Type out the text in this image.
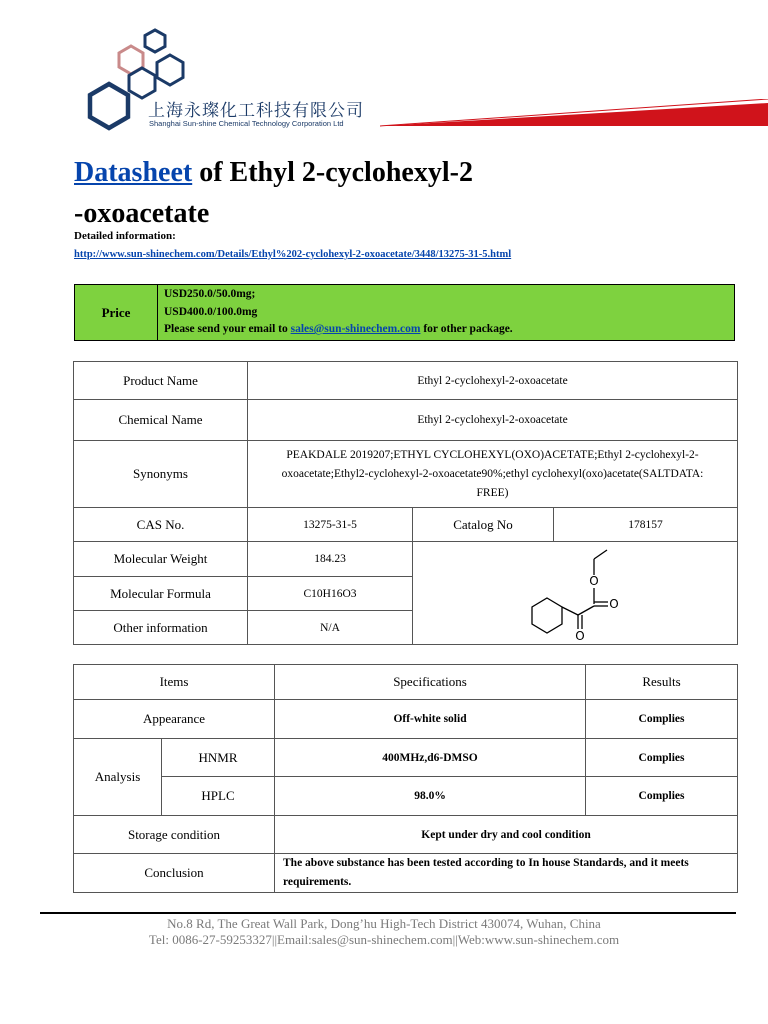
上海永璨化工科技有限公司
Shanghai Sun-shine Chemical Technology Corporation Ltd
Datasheet of Ethyl 2-cyclohexyl-2
-oxoacetate
Detailed information:
http://www.sun-shinechem.com/Details/Ethyl%202-cyclohexyl-2-oxoacetate/3448/13275-31-5.html
Price
USD250.0/50.0mg;
USD400.0/100.0mg
Please send your email to sales@sun-shinechem.com for other package.
Product Name	Ethyl 2-cyclohexyl-2-oxoacetate		
Chemical Name	Ethyl 2-cyclohexyl-2-oxoacetate		
Synonyms	PEAKDALE 2019207;ETHYL CYCLOHEXYL(OXO)ACETATE;Ethyl 2-cyclohexyl-2-oxoacetate;Ethyl2-cyclohexyl-2-oxoacetate90%;ethyl cyclohexyl(oxo)acetate(SALTDATA: FREE)		
CAS No.	13275-31-5	Catalog No	178157
Molecular Weight	184.23	O
O
O	

Molecular Formula	C10H16O3		
Other information	N/A		
Items		Specifications	Results
Appearance		Off-white solid	Complies
Analysis	HNMR	400MHz,d6-DMSO	Complies
	HPLC	98.0%	Complies
Storage condition		Kept under dry and cool condition	
Conclusion		The above substance has been tested according to In house Standards, and it meets requirements.	
No.8 Rd, The Great Wall Park, Dong’hu High-Tech District 430074, Wuhan, China
Tel: 0086-27-59253327||Email:sales@sun-shinechem.com||Web:www.sun-shinechem.com
